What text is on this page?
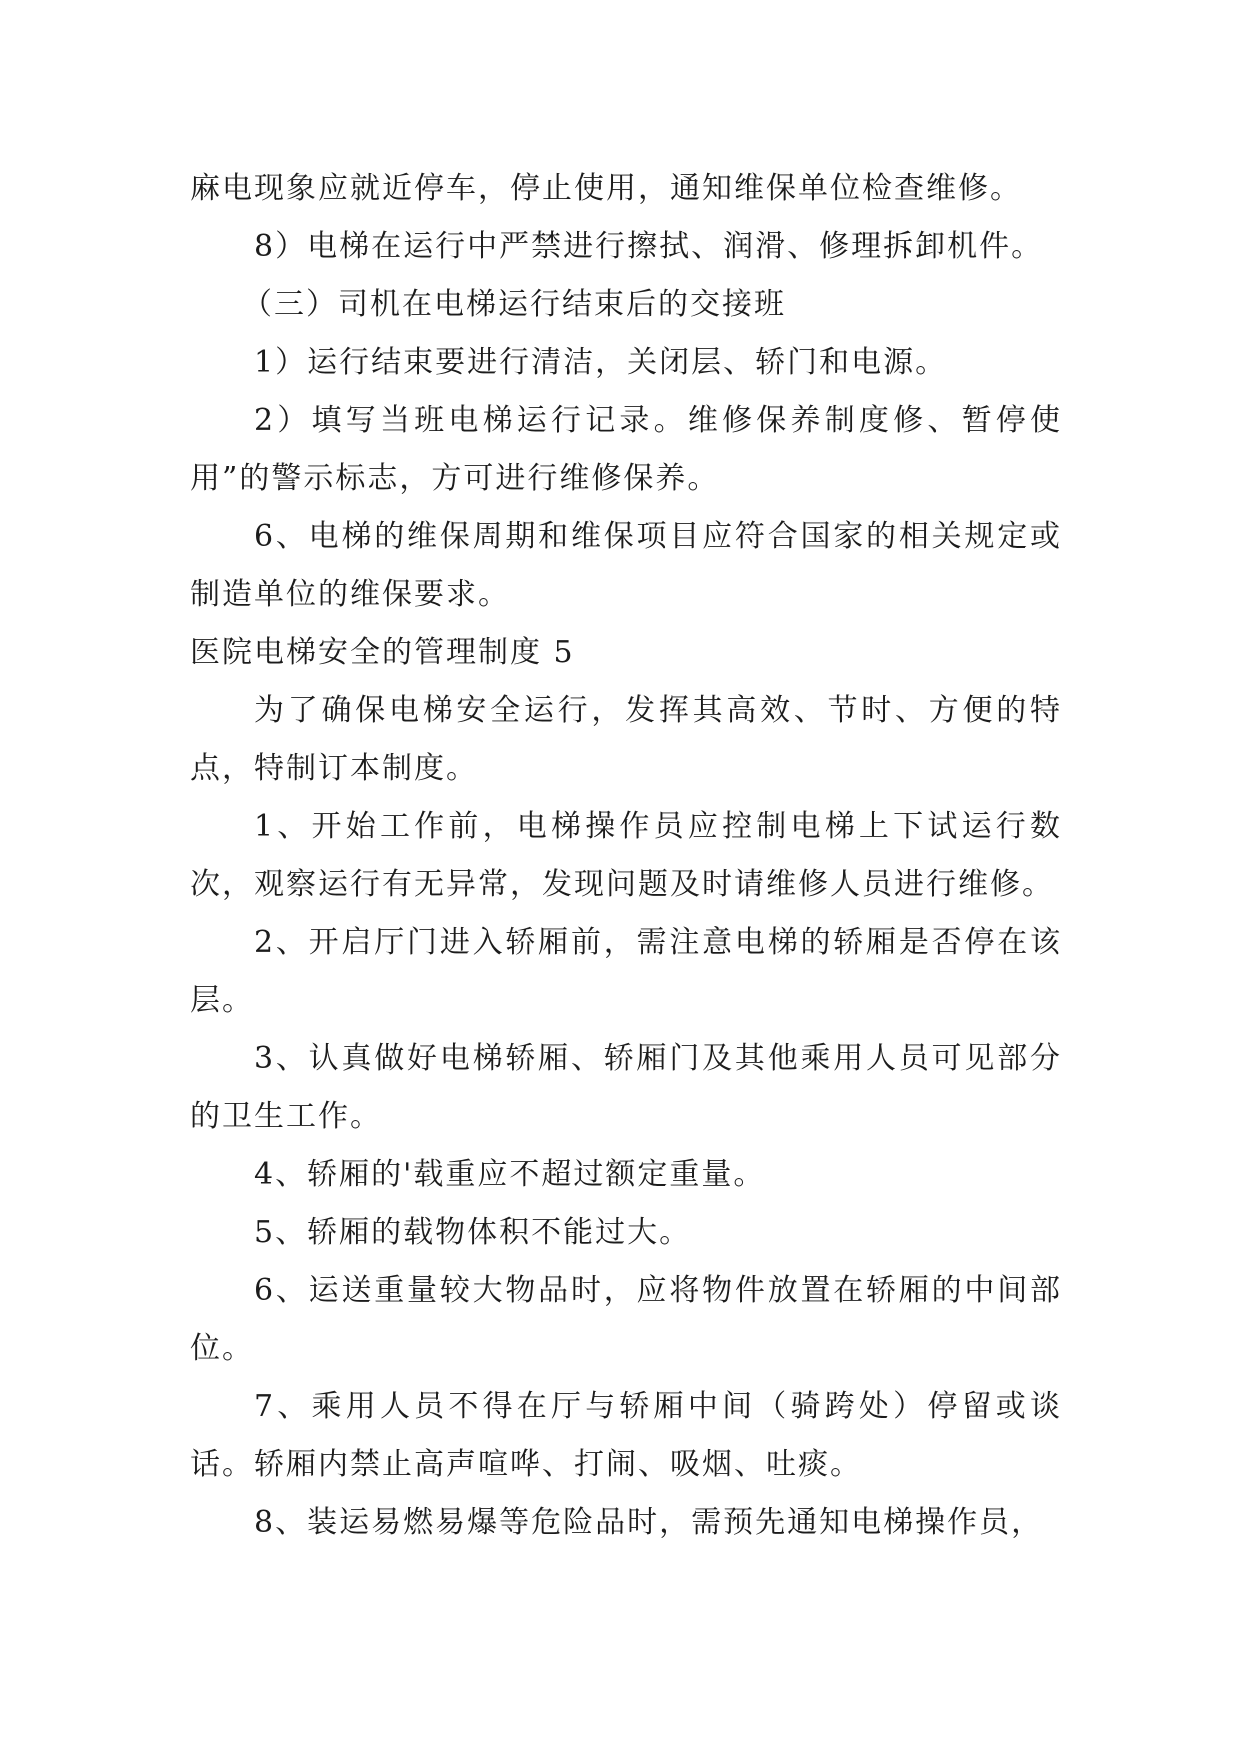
麻电现象应就近停车，停止使用，通知维保单位检查维修。

8）电梯在运行中严禁进行擦拭、润滑、修理拆卸机件。

（三）司机在电梯运行结束后的交接班

1）运行结束要进行清洁，关闭层、轿门和电源。

2）填写当班电梯运行记录。维修保养制度修、暂停使用”的警示标志，方可进行维修保养。

6、电梯的维保周期和维保项目应符合国家的相关规定或制造单位的维保要求。

医院电梯安全的管理制度 5

为了确保电梯安全运行，发挥其高效、节时、方便的特点，特制订本制度。

1、开始工作前，电梯操作员应控制电梯上下试运行数次，观察运行有无异常，发现问题及时请维修人员进行维修。

2、开启厅门进入轿厢前，需注意电梯的轿厢是否停在该层。

3、认真做好电梯轿厢、轿厢门及其他乘用人员可见部分的卫生工作。

4、轿厢的'载重应不超过额定重量。

5、轿厢的载物体积不能过大。

6、运送重量较大物品时，应将物件放置在轿厢的中间部位。

7、乘用人员不得在厅与轿厢中间（骑跨处）停留或谈话。轿厢内禁止高声喧哗、打闹、吸烟、吐痰。

8、装运易燃易爆等危险品时，需预先通知电梯操作员，
